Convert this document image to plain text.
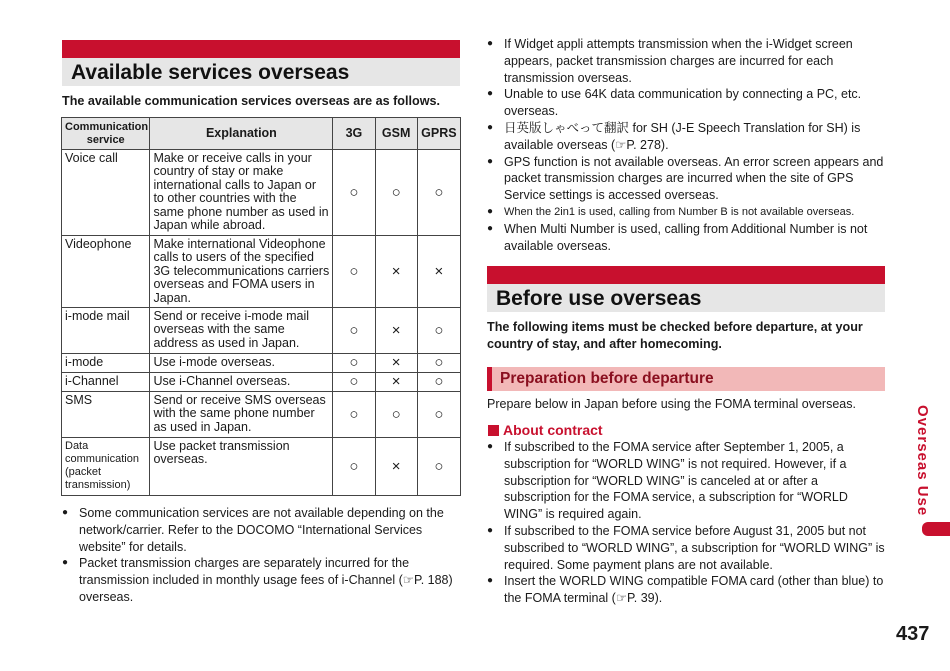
Available services overseas
The available communication services overseas are as follows.
Communication service	Explanation	3G	GSM	GPRS
Voice call	Make or receive calls in your country of stay or make international calls to Japan or to other countries with the same phone number as used in Japan while abroad.	○	○	○
Videophone	Make international Videophone calls to users of the specified 3G telecommunications carriers overseas and FOMA users in Japan.	○	×	×
i-mode mail	Send or receive i-mode mail overseas with the same address as used in Japan.	○	×	○
i-mode	Use i-mode overseas.	○	×	○
i-Channel	Use i-Channel overseas.	○	×	○
SMS	Send or receive SMS overseas with the same phone number as used in Japan.	○	○	○
Data communication (packet transmission)	Use packet transmission overseas.	○	×	○

● Some communication services are not available depending on the network/carrier. Refer to the DOCOMO “International Services website” for details.

● Packet transmission charges are separately incurred for the transmission included in monthly usage fees of i-Channel (☞P. 188) overseas.

● If Widget appli attempts transmission when the i-Widget screen appears, packet transmission charges are incurred for each transmission overseas.

● Unable to use 64K data communication by connecting a PC, etc. overseas.

● 日英版しゃべって翻訳 for SH (J-E Speech Translation for SH) is available overseas (☞P. 278).

● GPS function is not available overseas. An error screen appears and packet transmission charges are incurred when the site of GPS Service settings is accessed overseas.

● When the 2in1 is used, calling from Number B is not available overseas.

● When Multi Number is used, calling from Additional Number is not available overseas.

Before use overseas
The following items must be checked before departure, at your country of stay, and after homecoming.
Preparation before departure
Prepare below in Japan before using the FOMA terminal overseas.
About contract

● If subscribed to the FOMA service after September 1, 2005, a subscription for “WORLD WING” is not required. However, if a subscription for “WORLD WING” is canceled at or after a subscription for the FOMA service, a subscription for “WORLD WING” is required again.

● If subscribed to the FOMA service before August 31, 2005 but not subscribed to “WORLD WING”, a subscription for “WORLD WING” is required. Some payment plans are not available.

● Insert the WORLD WING compatible FOMA card (other than blue) to the FOMA terminal (☞P. 39).

Overseas Use
437
